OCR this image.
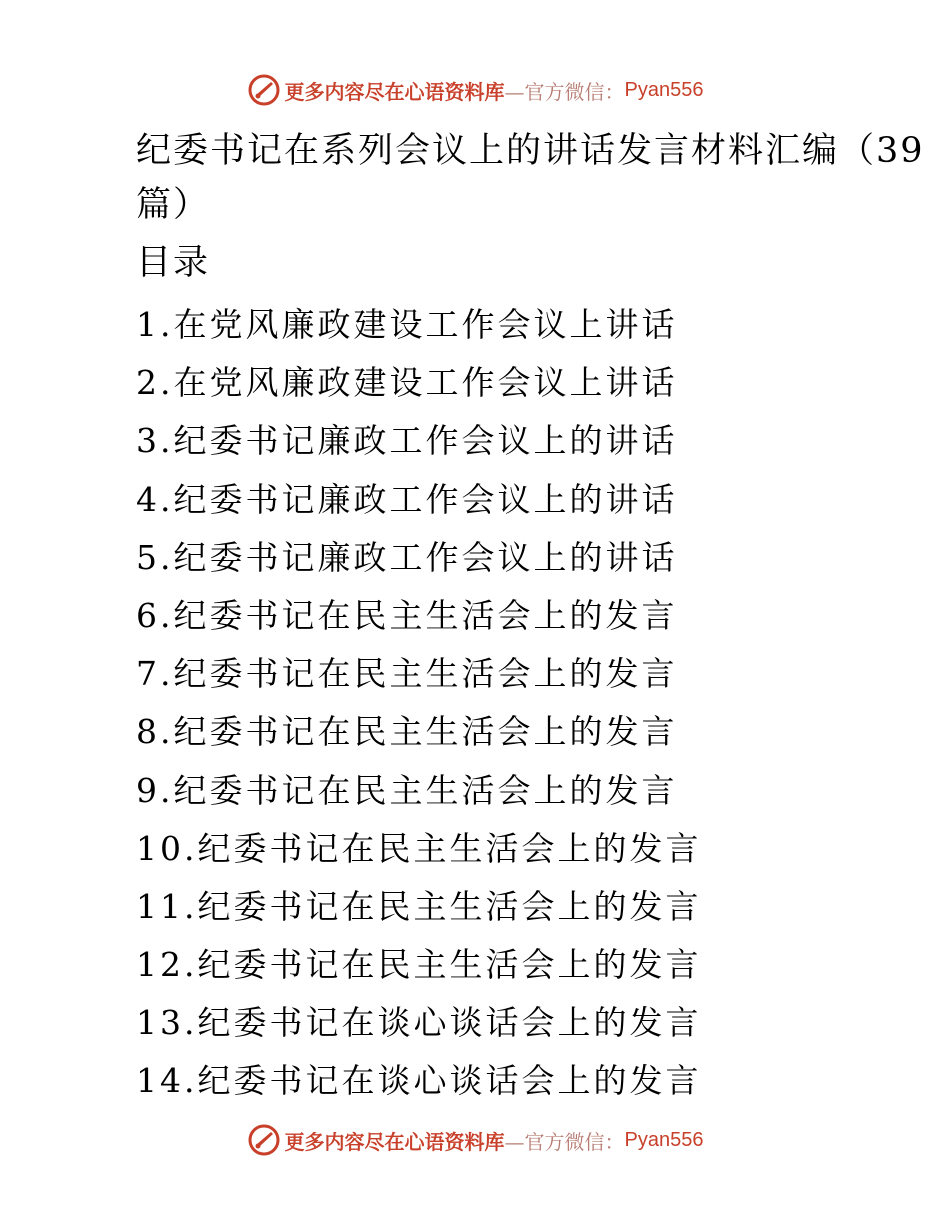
更多内容尽在心语资料库 —官方微信： Pyan556
纪委书记在系列会议上的讲话发言材料汇编（39 篇）
目录
1.在党风廉政建设工作会议上讲话
2.在党风廉政建设工作会议上讲话
3.纪委书记廉政工作会议上的讲话
4.纪委书记廉政工作会议上的讲话
5.纪委书记廉政工作会议上的讲话
6.纪委书记在民主生活会上的发言
7.纪委书记在民主生活会上的发言
8.纪委书记在民主生活会上的发言
9.纪委书记在民主生活会上的发言
10.纪委书记在民主生活会上的发言
11.纪委书记在民主生活会上的发言
12.纪委书记在民主生活会上的发言
13.纪委书记在谈心谈话会上的发言
14.纪委书记在谈心谈话会上的发言
更多内容尽在心语资料库 —官方微信： Pyan556
